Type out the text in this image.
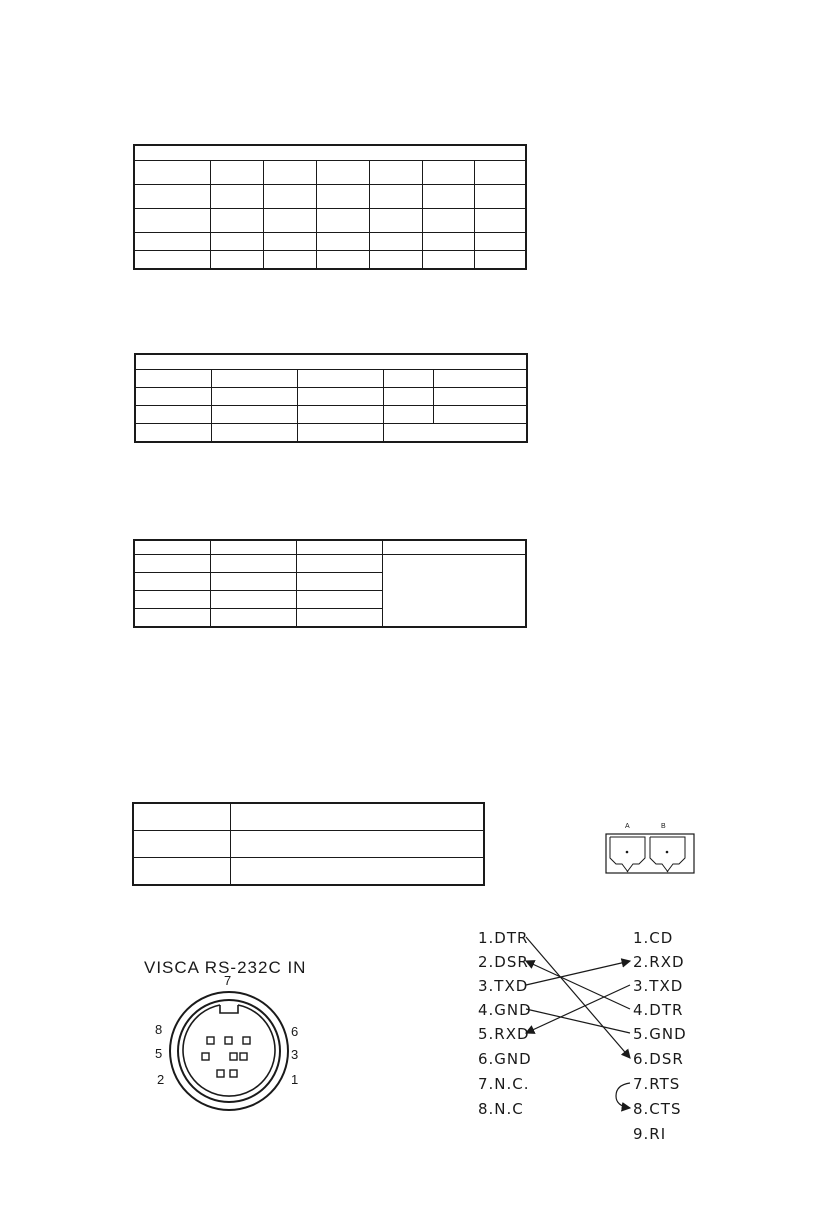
A	B
VISCA RS-232C IN
7
8	6
5	3
2	1
1.DTR
2.DSR
3.TXD
4.GND
5.RXD
6.GND
7.N.C.
8.N.C
1.CD
2.RXD
3.TXD
4.DTR
5.GND
6.DSR
7.RTS
8.CTS
9.RI
